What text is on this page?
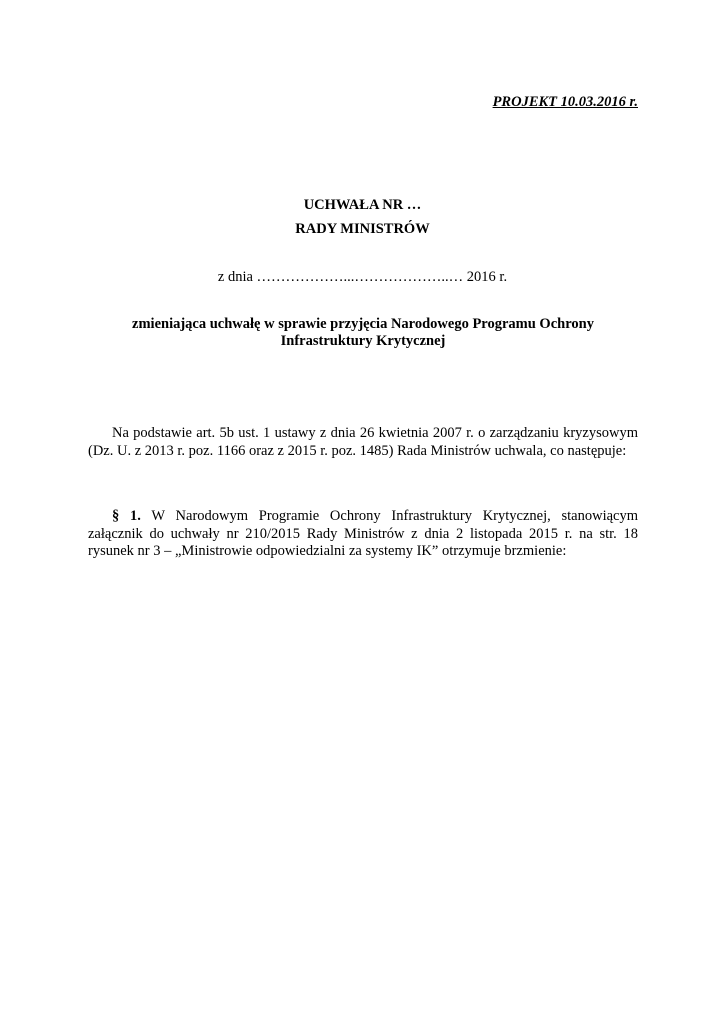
PROJEKT 10.03.2016 r.
UCHWAŁA NR …
RADY MINISTRÓW
z dnia ………………...………………..… 2016 r.
zmieniająca uchwałę w sprawie przyjęcia Narodowego Programu Ochrony Infrastruktury Krytycznej
Na podstawie art. 5b ust. 1 ustawy z dnia 26 kwietnia 2007 r. o zarządzaniu kryzysowym (Dz. U. z 2013 r. poz. 1166 oraz z 2015 r. poz. 1485) Rada Ministrów uchwala, co następuje:
§ 1. W Narodowym Programie Ochrony Infrastruktury Krytycznej, stanowiącym załącznik do uchwały nr 210/2015 Rady Ministrów z dnia 2 listopada 2015 r. na str. 18 rysunek nr 3 – „Ministrowie odpowiedzialni za systemy IK” otrzymuje brzmienie:
